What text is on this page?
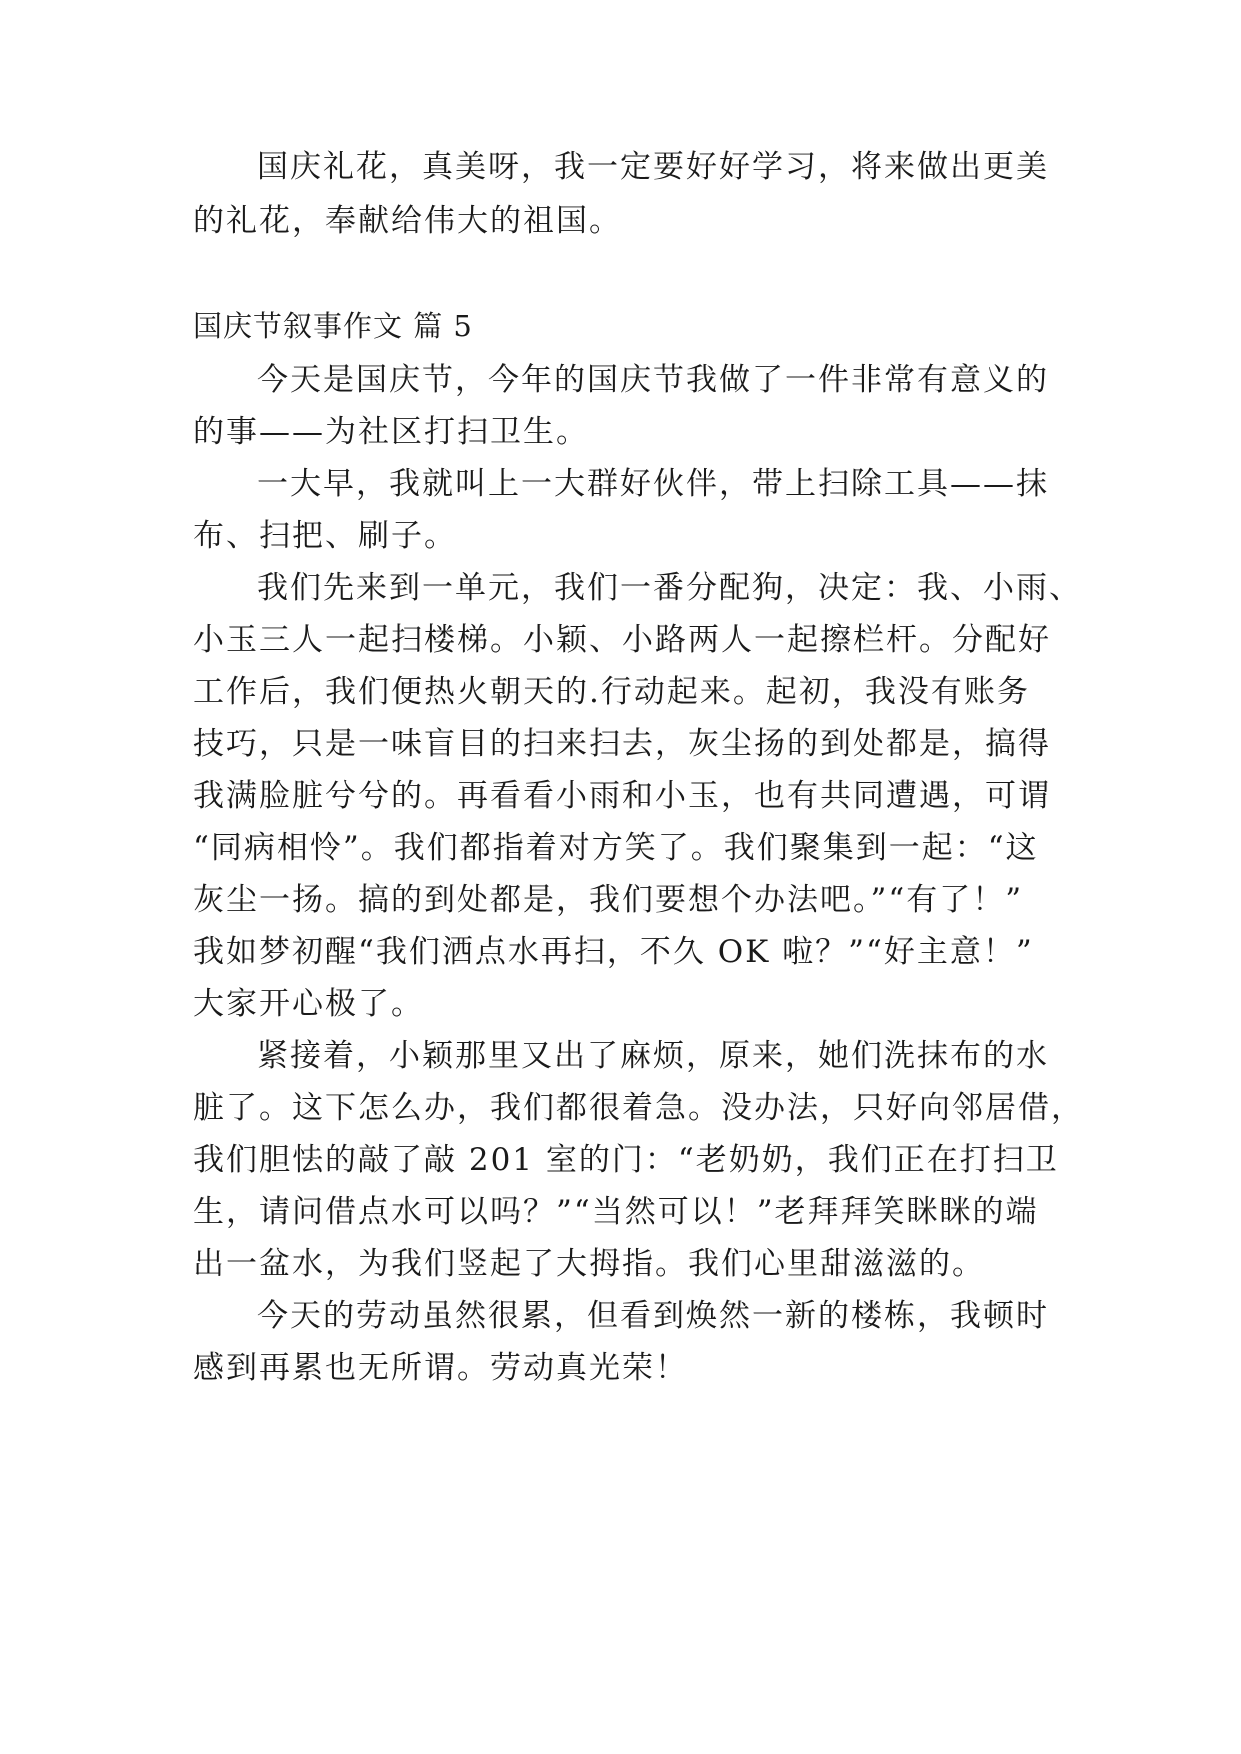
国庆礼花，真美呀，我一定要好好学习，将来做出更美
的礼花，奉献给伟大的祖国。
国庆节叙事作文 篇 5
今天是国庆节，今年的国庆节我做了一件非常有意义的
的事——为社区打扫卫生。
一大早，我就叫上一大群好伙伴，带上扫除工具——抹
布、扫把、刷子。
我们先来到一单元，我们一番分配狗，决定：我、小雨、
小玉三人一起扫楼梯。小颖、小路两人一起擦栏杆。分配好
工作后，我们便热火朝天的.行动起来。起初，我没有账务
技巧，只是一味盲目的扫来扫去，灰尘扬的到处都是，搞得
我满脸脏兮兮的。再看看小雨和小玉，也有共同遭遇，可谓
“同病相怜”。我们都指着对方笑了。我们聚集到一起：“这
灰尘一扬。搞的到处都是，我们要想个办法吧。”“有了！”
我如梦初醒“我们洒点水再扫，不久 OK 啦？”“好主意！”
大家开心极了。
紧接着，小颖那里又出了麻烦，原来，她们洗抹布的水
脏了。这下怎么办，我们都很着急。没办法，只好向邻居借，
我们胆怯的敲了敲 201 室的门：“老奶奶，我们正在打扫卫
生，请问借点水可以吗？”“当然可以！”老拜拜笑眯眯的端
出一盆水，为我们竖起了大拇指。我们心里甜滋滋的。
今天的劳动虽然很累，但看到焕然一新的楼栋，我顿时
感到再累也无所谓。劳动真光荣！
